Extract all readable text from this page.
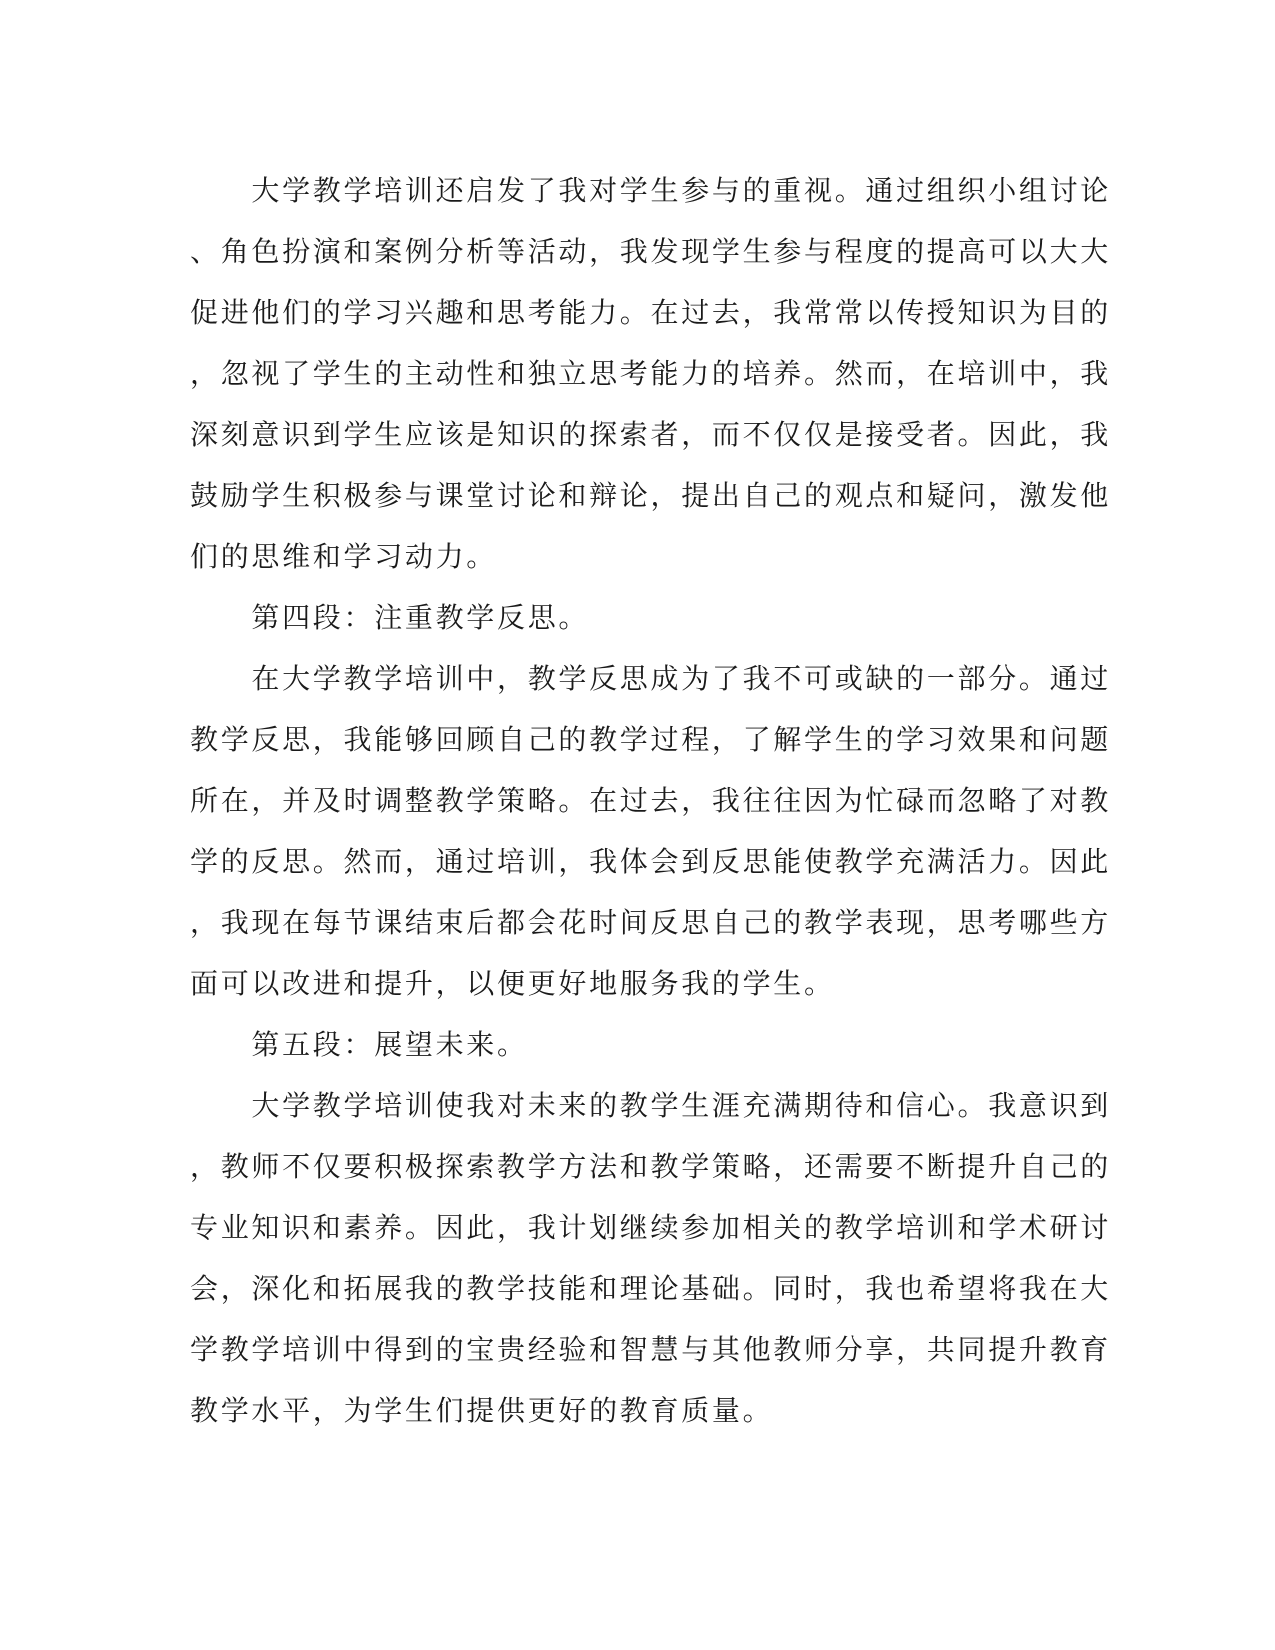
　　大学教学培训还启发了我对学生参与的重视。通过组织小组讨论
、角色扮演和案例分析等活动，我发现学生参与程度的提高可以大大
促进他们的学习兴趣和思考能力。在过去，我常常以传授知识为目的
，忽视了学生的主动性和独立思考能力的培养。然而，在培训中，我
深刻意识到学生应该是知识的探索者，而不仅仅是接受者。因此，我
鼓励学生积极参与课堂讨论和辩论，提出自己的观点和疑问，激发他
们的思维和学习动力。
　　第四段：注重教学反思。
　　在大学教学培训中，教学反思成为了我不可或缺的一部分。通过
教学反思，我能够回顾自己的教学过程，了解学生的学习效果和问题
所在，并及时调整教学策略。在过去，我往往因为忙碌而忽略了对教
学的反思。然而，通过培训，我体会到反思能使教学充满活力。因此
，我现在每节课结束后都会花时间反思自己的教学表现，思考哪些方
面可以改进和提升，以便更好地服务我的学生。
　　第五段：展望未来。
　　大学教学培训使我对未来的教学生涯充满期待和信心。我意识到
，教师不仅要积极探索教学方法和教学策略，还需要不断提升自己的
专业知识和素养。因此，我计划继续参加相关的教学培训和学术研讨
会，深化和拓展我的教学技能和理论基础。同时，我也希望将我在大
学教学培训中得到的宝贵经验和智慧与其他教师分享，共同提升教育
教学水平，为学生们提供更好的教育质量。
